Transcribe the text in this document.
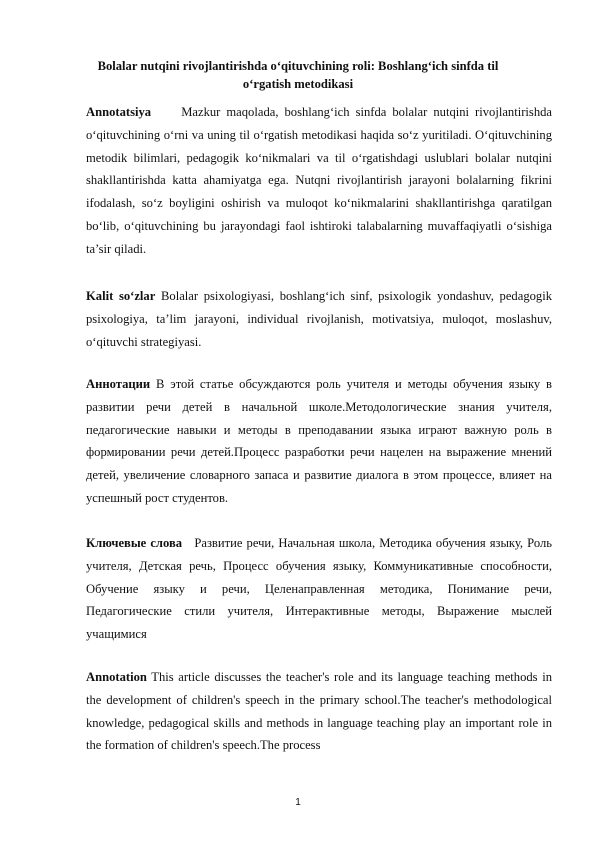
Bolalar nutqini rivojlantirishda o‘qituvchining roli: Boshlang‘ich sinfda til o‘rgatish metodikasi

Annotatsiya Mazkur maqolada, boshlang‘ich sinfda bolalar nutqini rivojlantirishda o‘qituvchining o‘rni va uning til o‘rgatish metodikasi haqida so‘z yuritiladi. O‘qituvchining metodik bilimlari, pedagogik ko‘nikmalari va til o‘rgatishdagi uslublari bolalar nutqini shakllantirishda katta ahamiyatga ega. Nutqni rivojlantirish jarayoni bolalarning fikrini ifodalash, so‘z boyligini oshirish va muloqot ko‘nikmalarini shakllantirishga qaratilgan bo‘lib, o‘qituvchining bu jarayondagi faol ishtiroki talabalarning muvaffaqiyatli o‘sishiga ta’sir qiladi.

Kalit so‘zlar Bolalar psixologiyasi, boshlang‘ich sinf, psixologik yondashuv, pedagogik psixologiya, ta’lim jarayoni, individual rivojlanish, motivatsiya, muloqot, moslashuv, o‘qituvchi strategiyasi.

Аннотации В этой статье обсуждаются роль учителя и методы обучения языку в развитии речи детей в начальной школе.Методологические знания учителя, педагогические навыки и методы в преподавании языка играют важную роль в формировании речи детей.Процесс разработки речи нацелен на выражение мнений детей, увеличение словарного запаса и развитие диалога в этом процессе, влияет на успешный рост студентов.

Ключевые слова Развитие речи, Начальная школа, Методика обучения языку, Роль учителя, Детская речь, Процесс обучения языку, Коммуникативные способности, Обучение языку и речи, Целенаправленная методика, Понимание речи, Педагогические стили учителя, Интерактивные методы, Выражение мыслей учащимися

Annotation This article discusses the teacher's role and its language teaching methods in the development of children's speech in the primary school.The teacher's methodological knowledge, pedagogical skills and methods in language teaching play an important role in the formation of children's speech.The process

1
